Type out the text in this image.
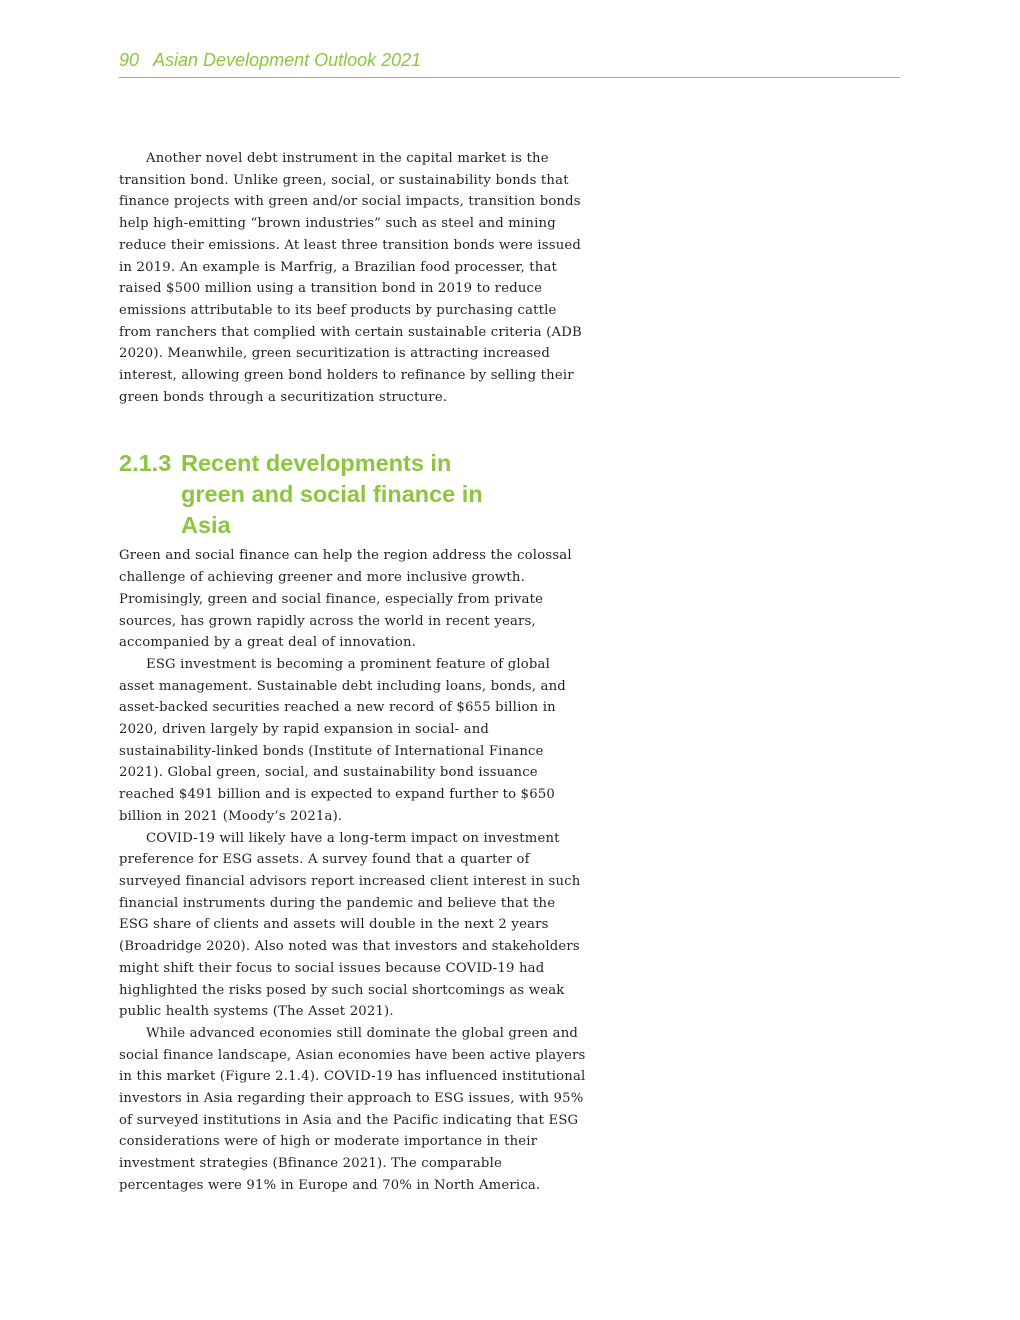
90 Asian Development Outlook 2021

Another novel debt instrument in the capital market is the transition bond. Unlike green, social, or sustainability bonds that finance projects with green and/or social impacts, transition bonds help high-emitting “brown industries” such as steel and mining reduce their emissions. At least three transition bonds were issued in 2019. An example is Marfrig, a Brazilian food processer, that raised $500 million using a transition bond in 2019 to reduce emissions attributable to its beef products by purchasing cattle from ranchers that complied with certain sustainable criteria (ADB 2020). Meanwhile, green securitization is attracting increased interest, allowing green bond holders to refinance by selling their green bonds through a securitization structure.

2.1.3 Recent developments in green and social finance in Asia

Green and social finance can help the region address the colossal challenge of achieving greener and more inclusive growth. Promisingly, green and social finance, especially from private sources, has grown rapidly across the world in recent years, accompanied by a great deal of innovation.

ESG investment is becoming a prominent feature of global asset management. Sustainable debt including loans, bonds, and asset-backed securities reached a new record of $655 billion in 2020, driven largely by rapid expansion in social- and sustainability-linked bonds (Institute of International Finance 2021). Global green, social, and sustainability bond issuance reached $491 billion and is expected to expand further to $650 billion in 2021 (Moody’s 2021a).

COVID-19 will likely have a long-term impact on investment preference for ESG assets. A survey found that a quarter of surveyed financial advisors report increased client interest in such financial instruments during the pandemic and believe that the ESG share of clients and assets will double in the next 2 years (Broadridge 2020). Also noted was that investors and stakeholders might shift their focus to social issues because COVID-19 had highlighted the risks posed by such social shortcomings as weak public health systems (The Asset 2021).

While advanced economies still dominate the global green and social finance landscape, Asian economies have been active players in this market (Figure 2.1.4). COVID-19 has influenced institutional investors in Asia regarding their approach to ESG issues, with 95% of surveyed institutions in Asia and the Pacific indicating that ESG considerations were of high or moderate importance in their investment strategies (Bfinance 2021). The comparable percentages were 91% in Europe and 70% in North America.
